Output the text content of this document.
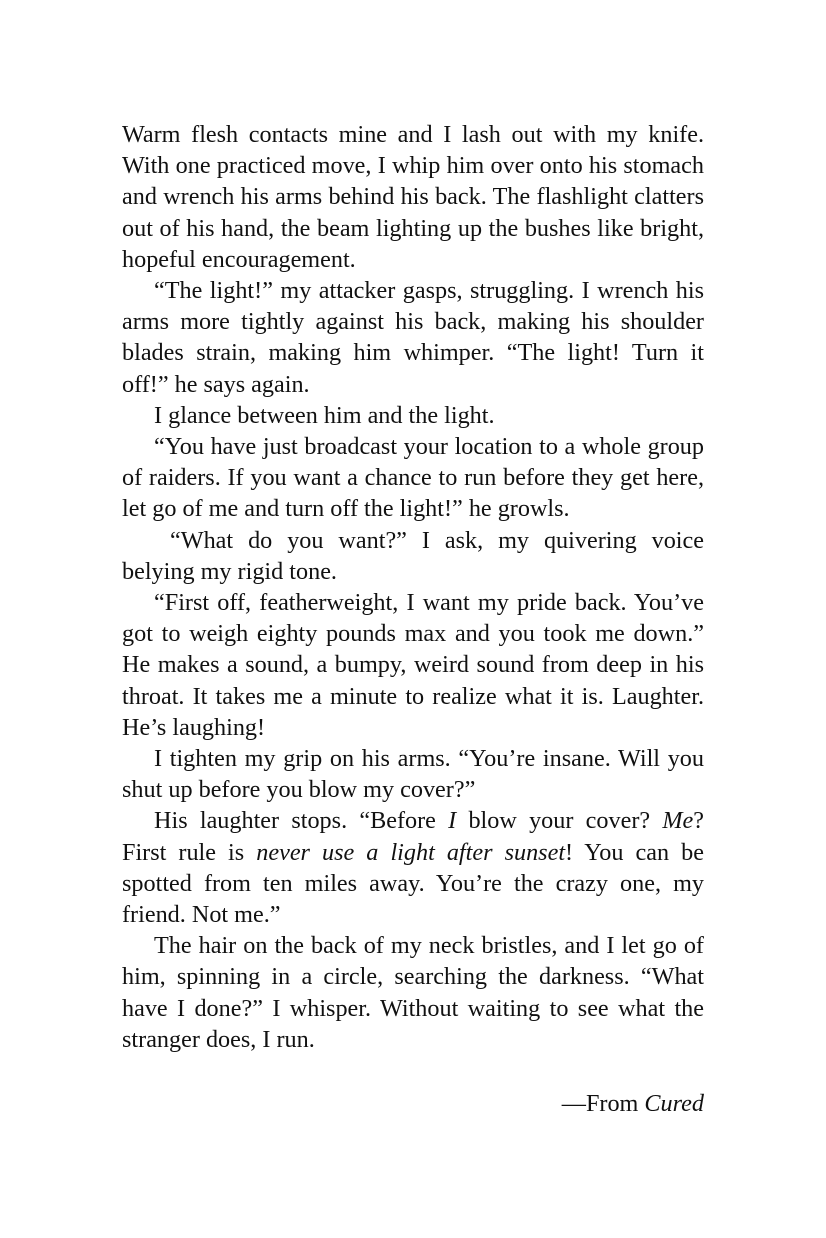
Warm flesh contacts mine and I lash out with my knife. With one practiced move, I whip him over onto his stomach and wrench his arms behind his back. The flashlight clatters out of his hand, the beam lighting up the bushes like bright, hopeful encouragement.

“The light!” my attacker gasps, struggling. I wrench his arms more tightly against his back, making his shoulder blades strain, making him whimper. “The light! Turn it off!” he says again.

I glance between him and the light.

“You have just broadcast your location to a whole group of raiders. If you want a chance to run before they get here, let go of me and turn off the light!” he growls.

“What do you want?” I ask, my quivering voice belying my rigid tone.

“First off, featherweight, I want my pride back. You’ve got to weigh eighty pounds max and you took me down.” He makes a sound, a bumpy, weird sound from deep in his throat. It takes me a minute to realize what it is. Laughter. He’s laughing!

I tighten my grip on his arms. “You’re insane. Will you shut up before you blow my cover?”

His laughter stops. “Before I blow your cover? Me? First rule is never use a light after sunset! You can be spotted from ten miles away. You’re the crazy one, my friend. Not me.”

The hair on the back of my neck bristles, and I let go of him, spinning in a circle, searching the darkness. “What have I done?” I whisper. Without waiting to see what the stranger does, I run.

—From Cured
